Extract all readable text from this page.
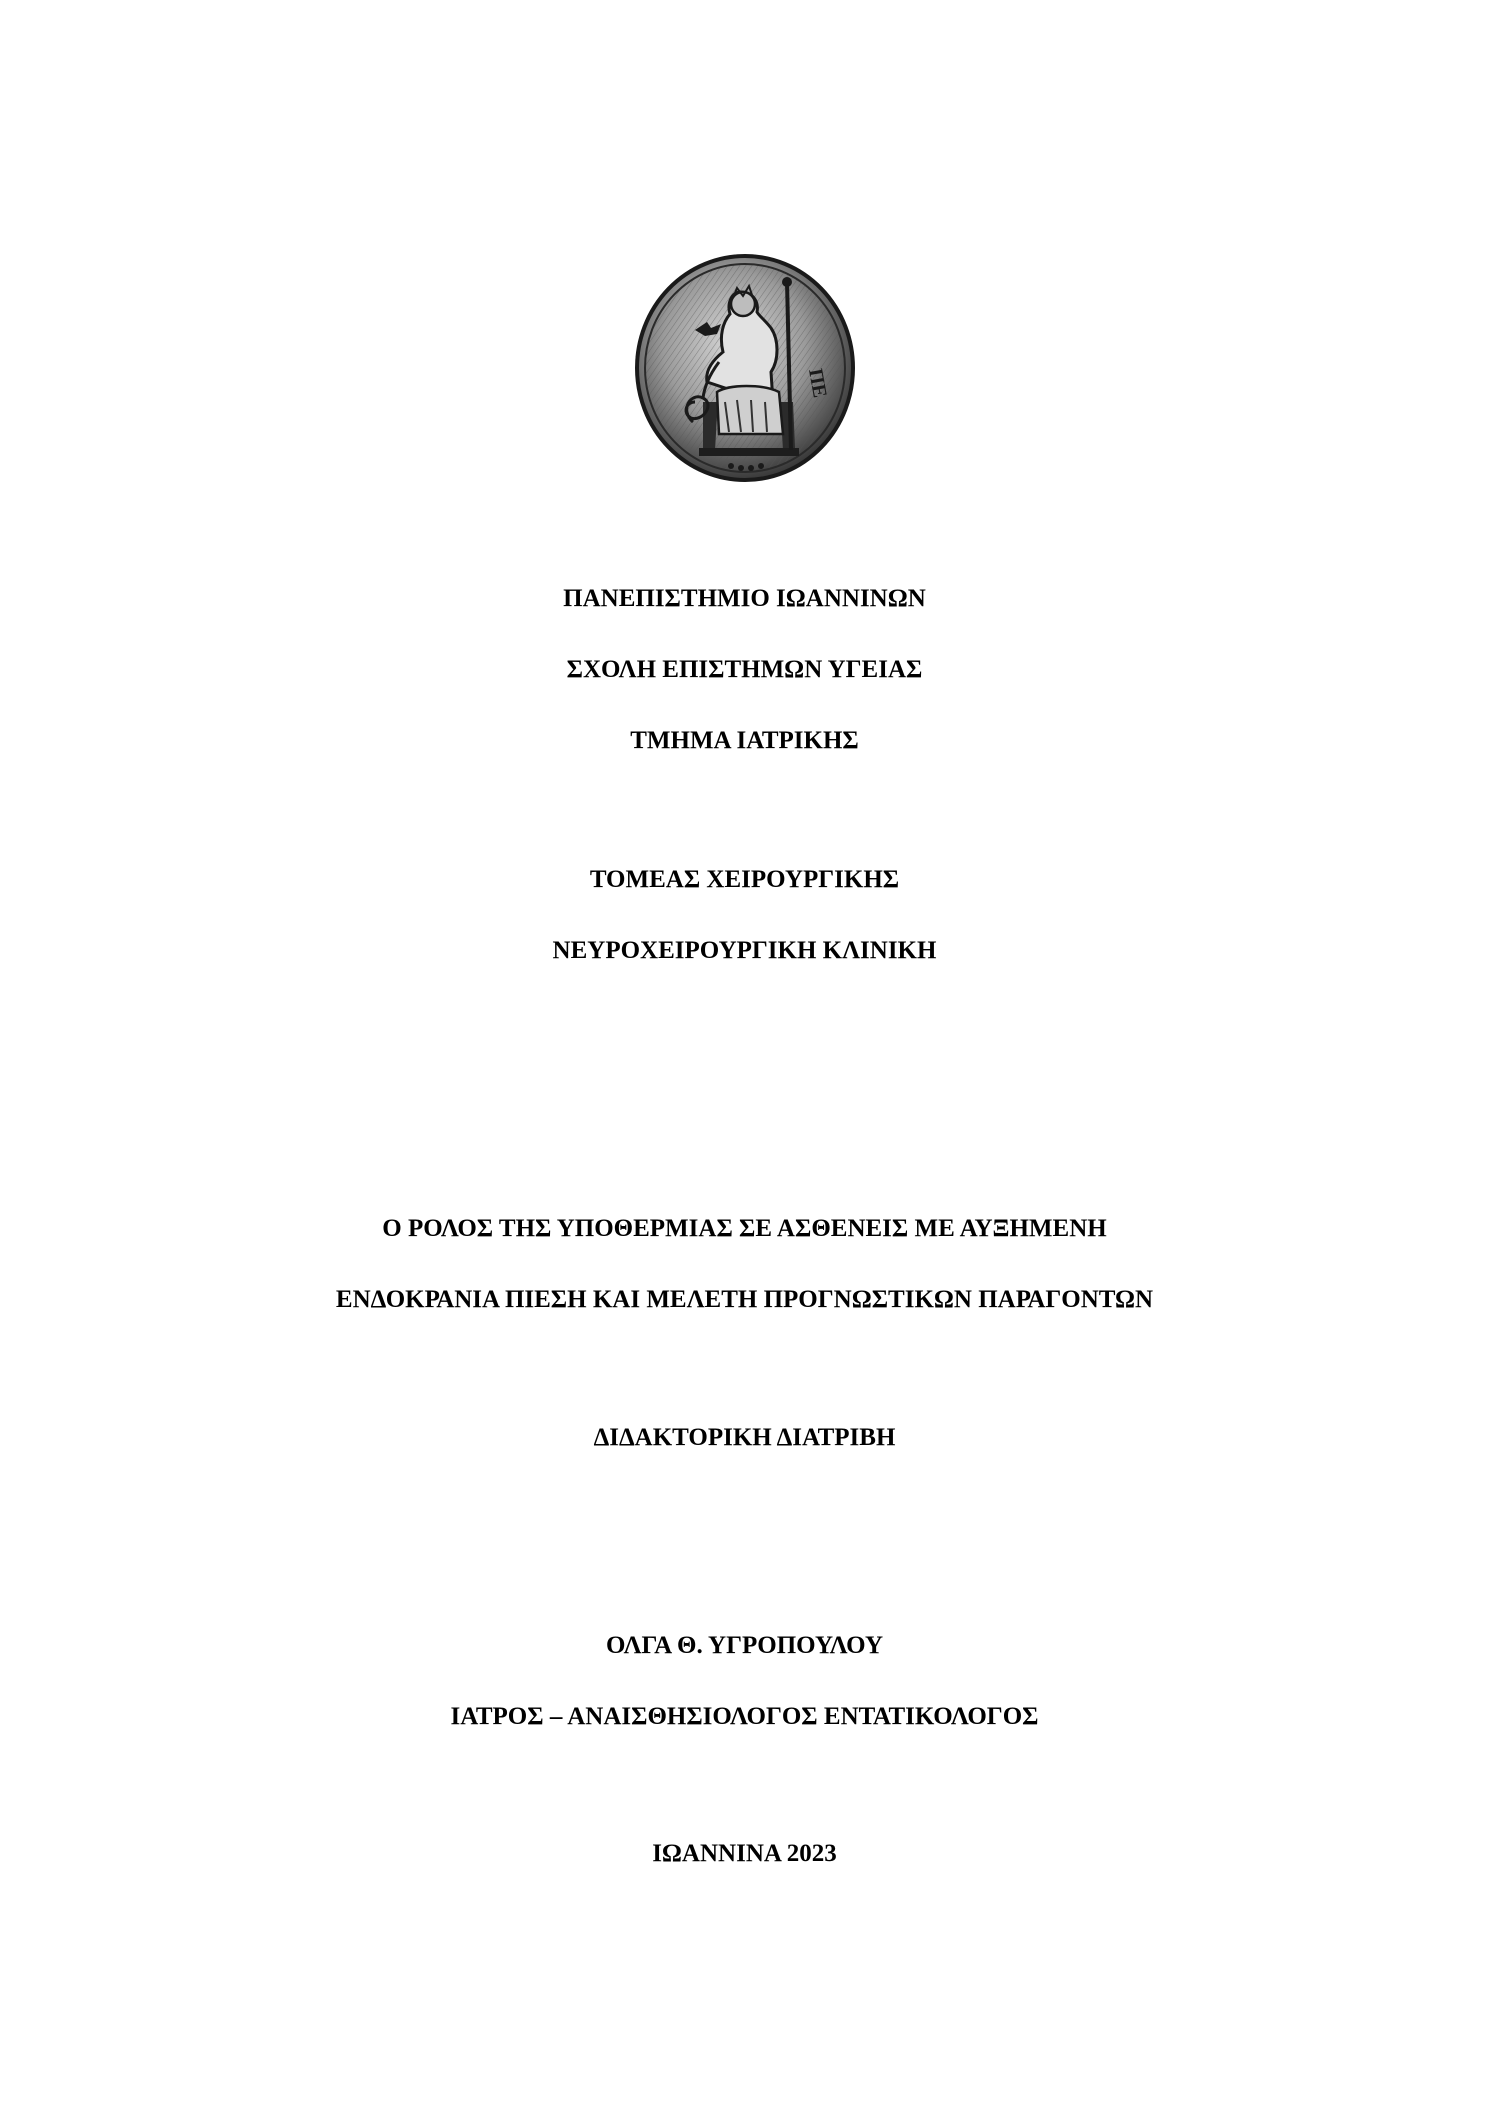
ΠΕ
ΠΑΝΕΠΙΣΤΗΜΙΟ ΙΩΑΝΝΙΝΩΝ
ΣΧΟΛΗ ΕΠΙΣΤΗΜΩΝ ΥΓΕΙΑΣ
ΤΜΗΜΑ ΙΑΤΡΙΚΗΣ
ΤΟΜΕΑΣ ΧΕΙΡΟΥΡΓΙΚΗΣ
ΝΕΥΡΟΧΕΙΡΟΥΡΓΙΚΗ ΚΛΙΝΙΚΗ
Ο ΡΟΛΟΣ ΤΗΣ ΥΠΟΘΕΡΜΙΑΣ ΣΕ ΑΣΘΕΝΕΙΣ ΜΕ ΑΥΞΗΜΕΝΗ
ΕΝΔΟΚΡΑΝΙΑ ΠΙΕΣΗ ΚΑΙ ΜΕΛΕΤΗ ΠΡΟΓΝΩΣΤΙΚΩΝ ΠΑΡΑΓΟΝΤΩΝ
ΔΙΔΑΚΤΟΡΙΚΗ ΔΙΑΤΡΙΒΗ
ΟΛΓΑ Θ. ΥΓΡΟΠΟΥΛΟΥ
ΙΑΤΡΟΣ – ΑΝΑΙΣΘΗΣΙΟΛΟΓΟΣ ΕΝΤΑΤΙΚΟΛΟΓΟΣ
ΙΩΑΝΝΙΝΑ 2023
